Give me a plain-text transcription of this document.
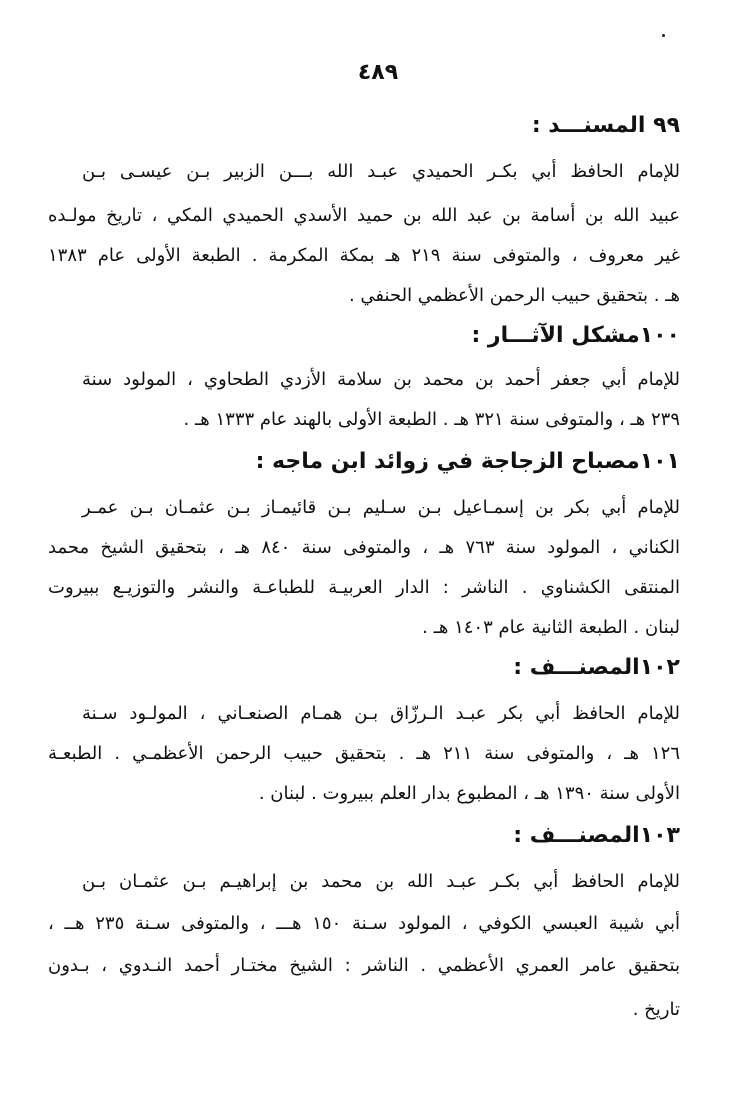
٤٨٩
٩٩ المسنـــد :
للإمام الحافظ أبي بكـر الحميدي عبـد الله بـــن الزبير بـن عيسـى بـن
عبيد الله بن أسامة بن عبد الله بن حميد الأسدي الحميدي المكي ، تاريخ مولـده
غير معروف ، والمتوفى سنة ٢١٩ هـ بمكة المكرمة . الطبعة الأولى عام ١٣٨٣
هـ . بتحقيق حبيب الرحمن الأعظمي الحنفي .
١٠٠مشكل الآثـــار :
للإمام أبي جعفر أحمد بن محمد بن سلامة الأزدي الطحاوي ، المولود سنة
٢٣٩ هـ ، والمتوفى سنة ٣٢١ هـ . الطبعة الأولى بالهند عام ١٣٣٣ هـ .
١٠١مصباح الزجاجة في زوائد ابن ماجه :
للإمام أبي بكر بن إسمـاعيل بـن سـليم بـن قائيمـاز بـن عثمـان بـن عمـر
الكناني ، المولود سنة ٧٦٣ هـ ، والمتوفى سنة ٨٤٠ هـ ، بتحقيق الشيخ محمد
المنتقى الكشناوي . الناشر : الدار العربيـة للطباعـة والنشر والتوزيـع ببيروت
لبنان . الطبعة الثانية عام ١٤٠٣ هـ .
١٠٢المصنـــف :
للإمام الحافظ أبي بكر عبـد الـرزّاق بـن همـام الصنعـاني ، المولـود سـنة
١٢٦ هـ ، والمتوفى سنة ٢١١ هـ . بتحقيق حبيب الرحمن الأعظمـي . الطبعـة
الأولى سنة ١٣٩٠ هـ ، المطبوع بدار العلم ببيروت . لبنان .
١٠٣المصنـــف :
للإمام الحافظ أبي بكـر عبـد الله بن محمد بن إبراهيـم بـن عثمـان بـن
أبي شيبة العبسي الكوفي ، المولود سـنة ١٥٠ هـــ ، والمتوفى سـنة ٢٣٥ هــ ،
بتحقيق عامر العمري الأعظمي . الناشر : الشيخ مختـار أحمد النـدوي ، بـدون
تاريخ .
